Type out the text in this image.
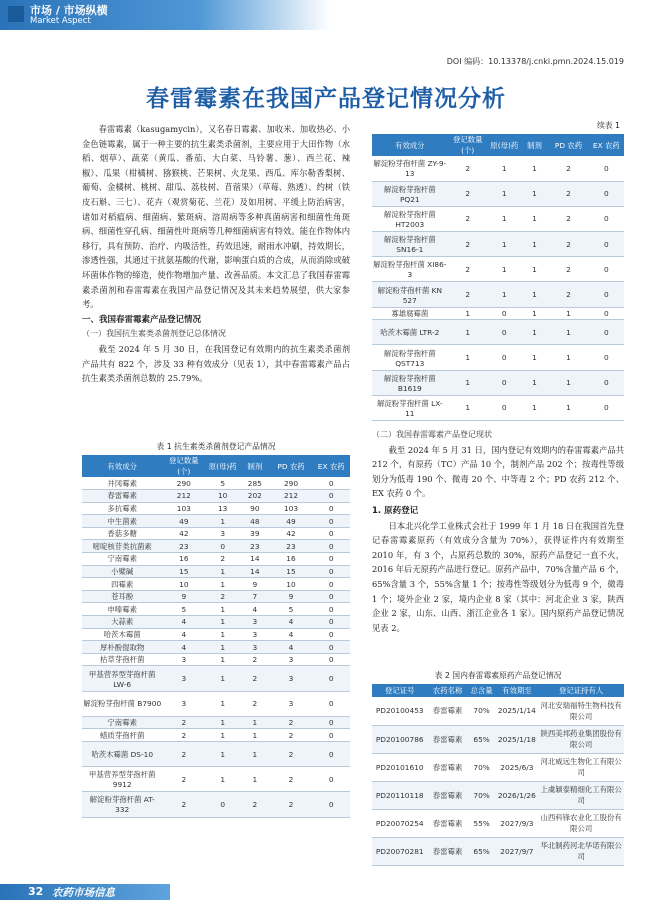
市场 / 市场纵横
Market Aspect
DOI 编码：10.13378/j.cnki.pmn.2024.15.019
春雷霉素在我国产品登记情况分析

春雷霉素（kasugamycin），又名春日霉素、加收米、加收热必、小金色链霉素，属于一种主要的抗生素类杀菌剂，主要应用于大田作物（水稻、烟草）、蔬菜（黄瓜、番茄、大白菜、马铃薯、葱）、西兰花、辣椒）、瓜果（柑橘树、猕猴桃、芒果树、火龙果、西瓜、库尔勒香梨树、葡萄、金橘树、桃树、甜瓜、荔枝树、苜蓿果）（草莓、熟透）、约树（铁皮石斛、三七）、花卉（观赏菊花、兰花）及如用树、平缓上防治病害，诸如对稻瘟病、细菌病、紫斑病、溶周病等多种真菌病害和细菌性角斑病、细菌性穿孔病、细菌性叶斑病等几种细菌病害有特效。能在作物体内移行，具有预防、治疗、内吸活性，药效迅速，耐雨水冲刷，持效期长，渗透性强，其通过干扰氨基酸的代谢，影响蛋白质的合成，从而消除或破坏菌体作物的缔造，使作物增加产量、改善品质。本文汇总了我国春雷霉素杀菌剂和春雷霉素在我国产品登记情况及其未来趋势展望，供大家参考。

一、我国春雷霉素产品登记情况
（一）我国抗生素类杀菌剂登记总体情况

截至 2024 年 5 月 30 日，在我国登记有效期内的抗生素类杀菌剂产品共有 822 个，涉及 33 种有效成分（见表 1），其中春雷霉素产品占抗生素类杀菌剂总数的 25.79%。

表 1 抗生素类杀菌剂登记产品情况
有效成分	登记数量(个)	原(母)药	制剂	PD 农药	EX 农药
井冈霉素	290	5	285	290	0
春雷霉素	212	10	202	212	0
多抗霉素	103	13	90	103	0
中生菌素	49	1	48	49	0
香菇多糖	42	3	39	42	0
嘧啶核苷类抗菌素	23	0	23	23	0
宁南霉素	16	2	14	16	0
小檗碱	15	1	14	15	0
四霉素	10	1	9	10	0
苍耳酚	9	2	7	9	0
申嗪霉素	5	1	4	5	0
大蒜素	4	1	3	4	0
哈茨木霉菌	4	1	3	4	0
厚朴酚提取物	4	1	3	4	0
枯草芽孢杆菌	3	1	2	3	0
甲基营养型芽孢杆菌 LW-6	3	1	2	3	0
解淀粉芽孢杆菌 B7900	3	1	2	3	0
宁南霉素	2	1	1	2	0
蜡质芽孢杆菌	2	1	1	2	0
哈茨木霉菌 DS-10	2	1	1	2	0
甲基营养型芽孢杆菌 9912	2	1	1	2	0
解淀粉芽孢杆菌 AT-332	2	0	2	2	0
续表 1
有效成分	登记数量(个)	原(母)药	制剂	PD 农药	EX 农药
解淀粉芽孢杆菌 ZY-9-13	2	1	1	2	0
解淀粉芽孢杆菌 PQ21	2	1	1	2	0
解淀粉芽孢杆菌 HT2003	2	1	1	2	0
解淀粉芽孢杆菌 SN16-1	2	1	1	2	0
解淀粉芽孢杆菌 XI86-3	2	1	1	2	0
解淀粉芽孢杆菌 KN 527	2	1	1	2	0
寡雄腐霉菌	1	0	1	1	0
哈茨木霉菌 LTR-2	1	0	1	1	0
解淀粉芽孢杆菌 QST713	1	0	1	1	0
解淀粉芽孢杆菌 B1619	1	0	1	1	0
解淀粉芽孢杆菌 LX-11	1	0	1	1	0
（二）我国春雷霉素产品登记现状

截至 2024 年 5 月 31 日，国内登记有效期内的春雷霉素产品共 212 个，有原药（TC）产品 10 个，制剂产品 202 个；按毒性等级划分为低毒 190 个、微毒 20 个、中等毒 2 个；PD 农药 212 个、EX 农药 0 个。

1. 原药登记

日本北兴化学工业株式会社于 1999 年 1 月 18 日在我国首先登记春雷霉素原药（有效成分含量为 70%），获得证件内有效期至 2010 年，有 3 个，占原药总数的 30%，原药产品登记一直不火，2016 年后无原药产品进行登记。原药产品中，70%含量产品 6 个，65%含量 3 个，55%含量 1 个；按毒性等级划分为低毒 9 个，微毒 1 个；境外企业 2 家，境内企业 8 家（其中：河北企业 3 家，陕西企业 2 家，山东、山西、浙江企业各 1 家）。国内原药产品登记情况见表 2。

表 2 国内春雷霉素原药产品登记情况
登记证号	农药名称	总含量	有效期至	登记证持有人
PD20100453	春雷霉素	70%	2025/1/14	河北安瑞福特生物科技有限公司
PD20100786	春雷霉素	65%	2025/1/18	陕西美邦药业集团股份有限公司
PD20101610	春雷霉素	70%	2025/6/3	河北威远生物化工有限公司
PD20110118	春雷霉素	70%	2026/1/26	上虞颖泰精细化工有限公司
PD20070254	春雷霉素	55%	2027/9/3	山西科锋农业化工股份有限公司
PD20070281	春雷霉素	65%	2027/9/7	华北制药河北华诺有限公司
32 农药市场信息
